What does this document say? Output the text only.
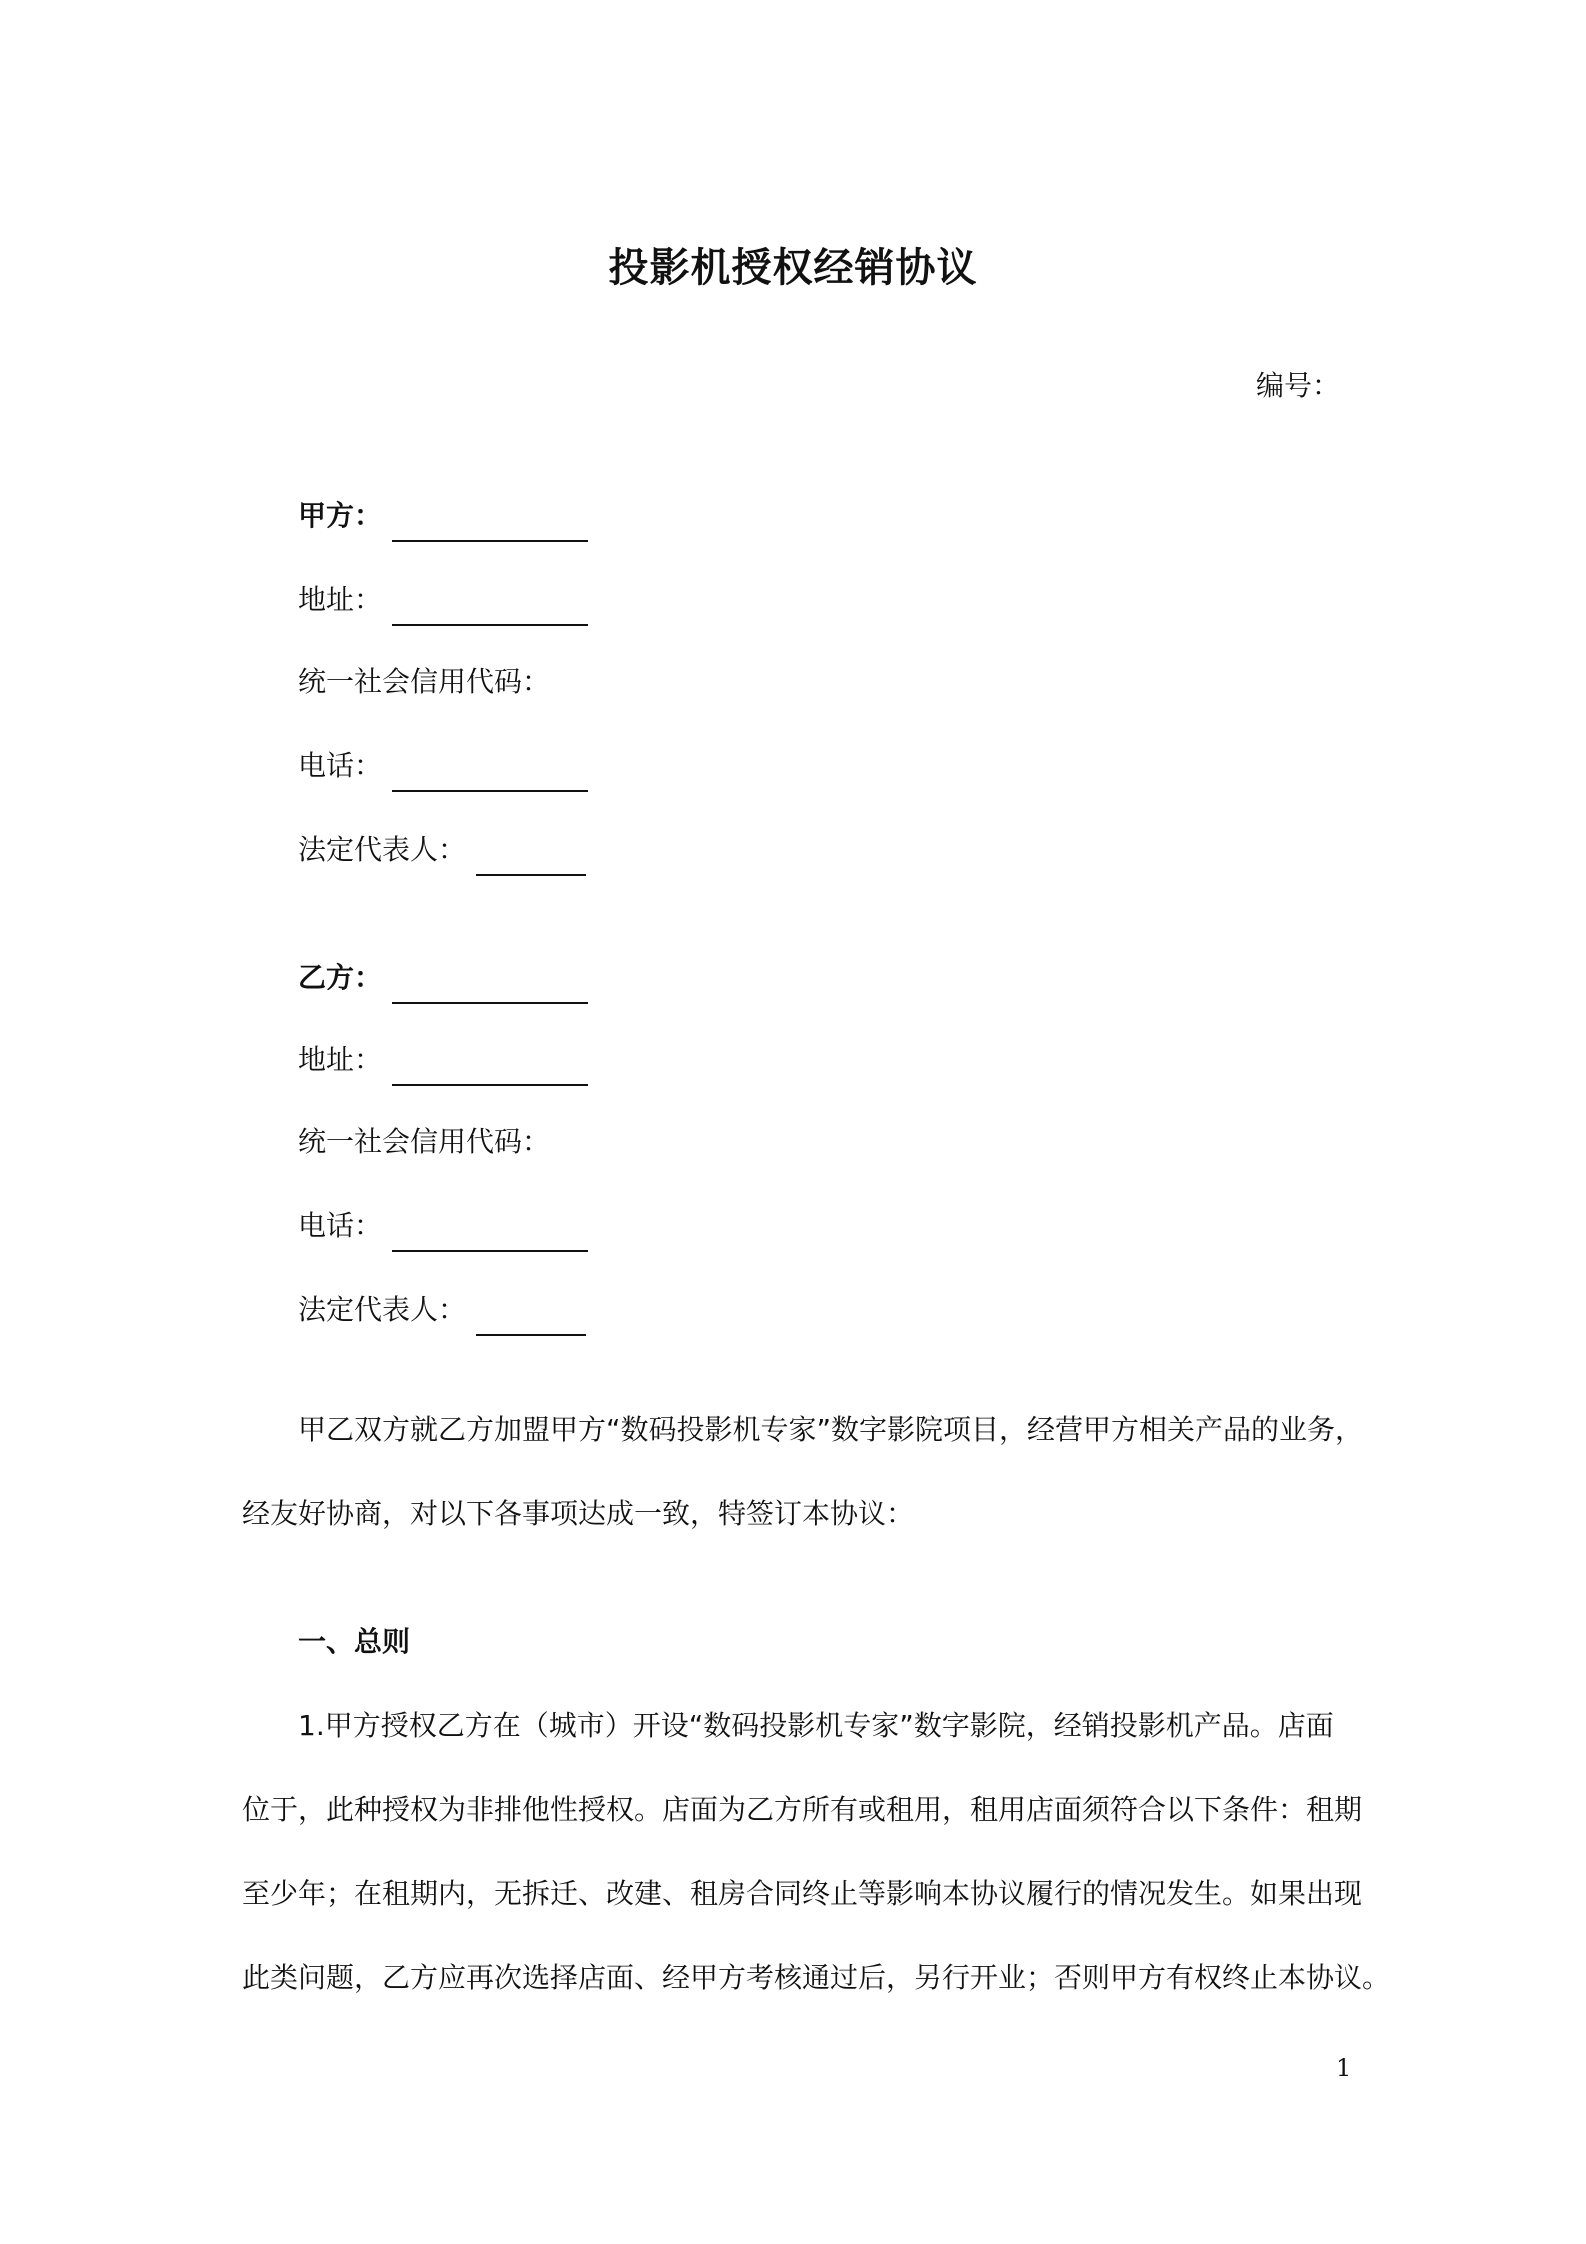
投影机授权经销协议
编号：
甲方：
地址：
统一社会信用代码：
电话：
法定代表人：
乙方：
地址：
统一社会信用代码：
电话：
法定代表人：
甲乙双方就乙方加盟甲方“数码投影机专家”数字影院项目，经营甲方相关产品的业务，
经友好协商，对以下各事项达成一致，特签订本协议：
一、总则
1.甲方授权乙方在（城市）开设“数码投影机专家”数字影院，经销投影机产品。店面
位于，此种授权为非排他性授权。店面为乙方所有或租用，租用店面须符合以下条件：租期
至少年；在租期内，无拆迁、改建、租房合同终止等影响本协议履行的情况发生。如果出现
此类问题，乙方应再次选择店面、经甲方考核通过后，另行开业；否则甲方有权终止本协议。
1
